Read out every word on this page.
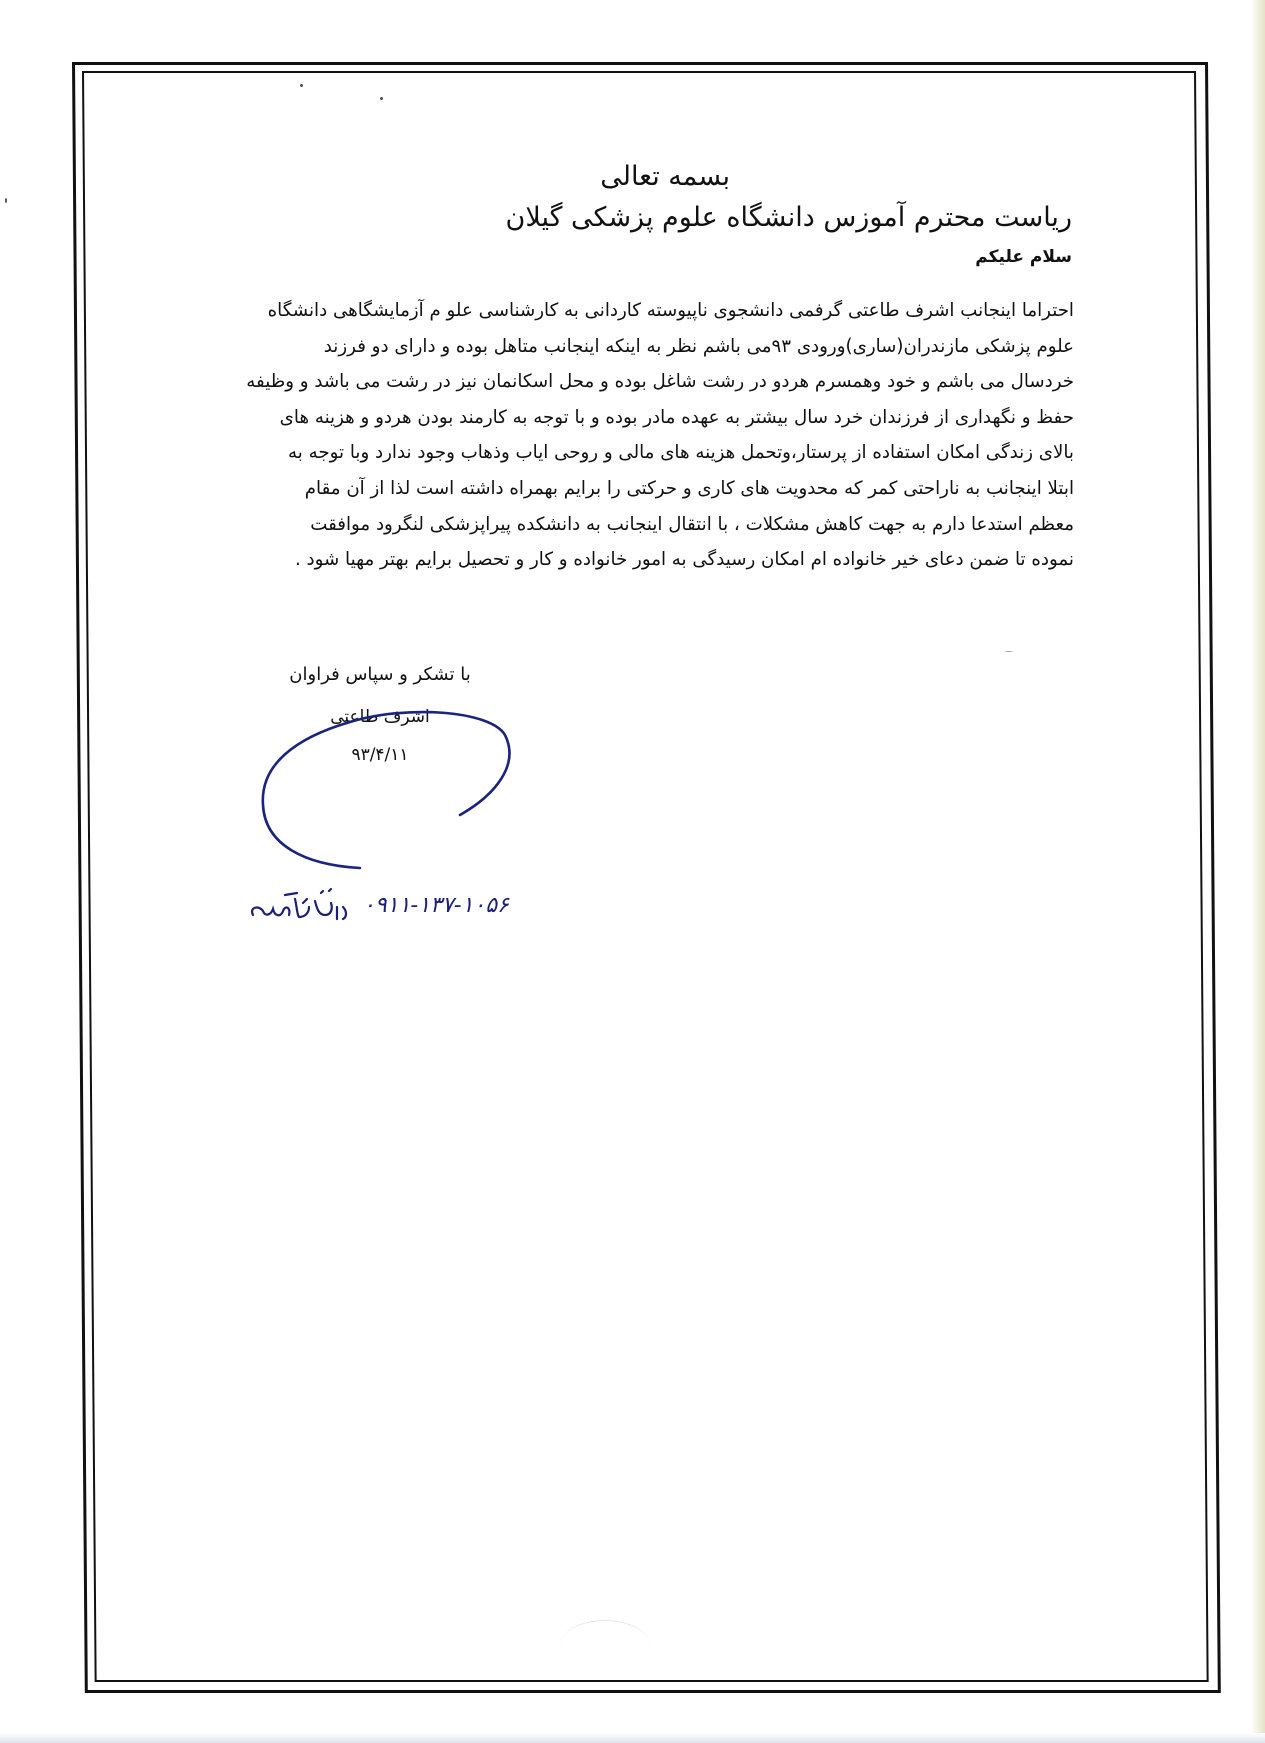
بسمه تعالی
ریاست محترم آموزس دانشگاه علوم پزشکی گیلان
سلام علیکم
احتراما اینجانب اشرف طاعتی گرفمی دانشجوی ناپیوسته کاردانی به کارشناسی علو م آزمایشگاهی دانشگاه
علوم پزشکی مازندران(ساری)ورودی ۹۳می باشم نظر به اینکه اینجانب متاهل بوده و دارای دو فرزند
خردسال می باشم و خود وهمسرم هردو در رشت شاغل بوده و محل اسکانمان نیز در رشت می باشد و وظیفه
حفظ و نگهداری از فرزندان خرد سال بیشتر به عهده مادر بوده و با توجه به کارمند بودن هردو و هزینه های
بالای زندگی امکان استفاده از پرستار،وتحمل هزینه های مالی و روحی ایاب وذهاب وجود ندارد وبا توجه به
ابتلا اینجانب به ناراحتی کمر که محدویت های کاری و حرکتی را برایم بهمراه داشته است لذا از آن مقام
معظم استدعا دارم به جهت کاهش مشکلات ، با انتقال اینجانب به دانشکده پیراپزشکی لنگرود موافقت
نموده تا ضمن دعای خیر خانواده ام امکان رسیدگی به امور خانواده و کار و تحصیل برایم بهتر مهیا شود .
با تشکر و سپاس فراوان
اشرف طاعتی
۹۳/۴/۱۱
۰۹۱۱-۱۳۷-۱۰۵۶
